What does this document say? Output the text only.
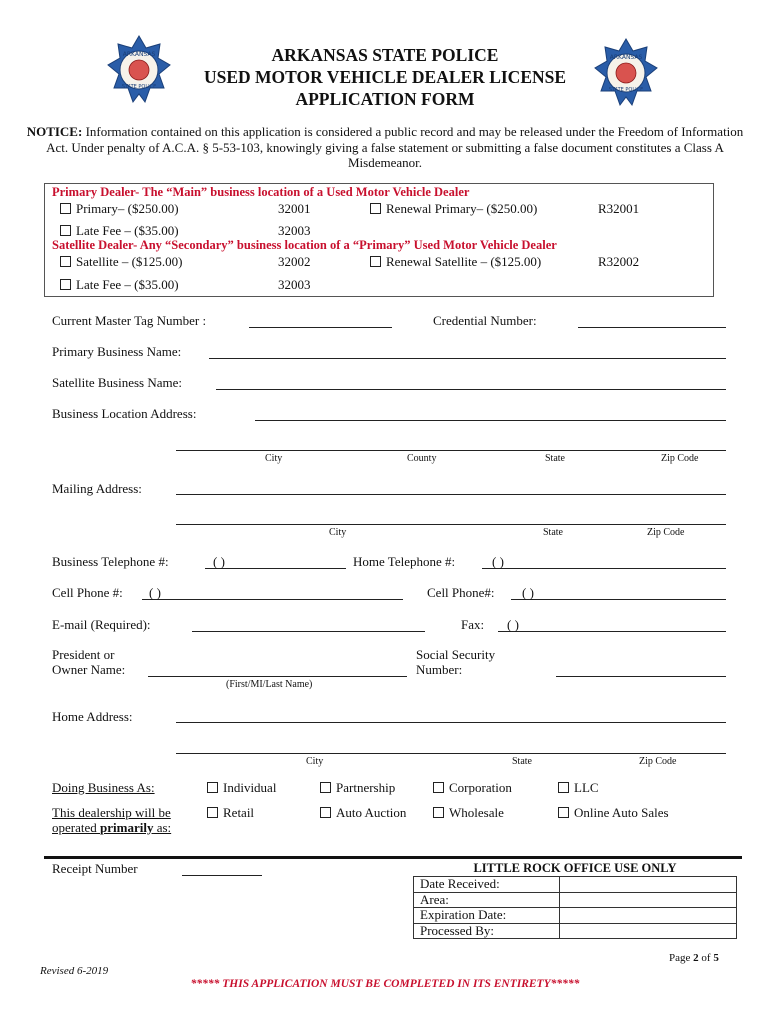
ARKANSAS
STATE POLICE
ARKANSAS
STATE POLICE
ARKANSAS STATE POLICE
USED MOTOR VEHICLE DEALER LICENSE
APPLICATION FORM
NOTICE: Information contained on this application is considered a public record and may be released under the Freedom of Information Act. Under penalty of A.C.A. § 5-53-103, knowingly giving a false statement or submitting a false document constitutes a Class A Misdemeanor.
Primary Dealer- The “Main” business location of a Used Motor Vehicle Dealer
Primary– ($250.00)	32001	Renewal Primary– ($250.00)	R32001
Late Fee – ($35.00)	32003
Satellite Dealer- Any “Secondary” business location of a “Primary” Used Motor Vehicle Dealer
Satellite – ($125.00)	32002	Renewal Satellite – ($125.00)	R32002
Late Fee – ($35.00)	32003
Current Master Tag Number :	Credential Number:
Primary Business Name:
Satellite Business Name:
Business Location Address:
City	County	State	Zip Code
Mailing Address:
City	State	Zip Code
Business Telephone #:	( )	Home Telephone #:	( )
Cell Phone #: ( )	Cell Phone#: ( )
E-mail (Required):	Fax: ( )
President or
Owner Name:
(First/MI/Last Name)
Social Security
Number:
Home Address:
City	State	Zip Code
Doing Business As:	Individual	Partnership	Corporation	LLC
This dealership will be
operated primarily as:
Retail	Auto Auction	Wholesale	Online Auto Sales
Receipt Number	LITTLE ROCK OFFICE USE ONLY
Date Received:	
Area:	
Expiration Date:	
Processed By:	
Page 2 of 5
Revised 6-2019
***** THIS APPLICATION MUST BE COMPLETED IN ITS ENTIRETY*****
